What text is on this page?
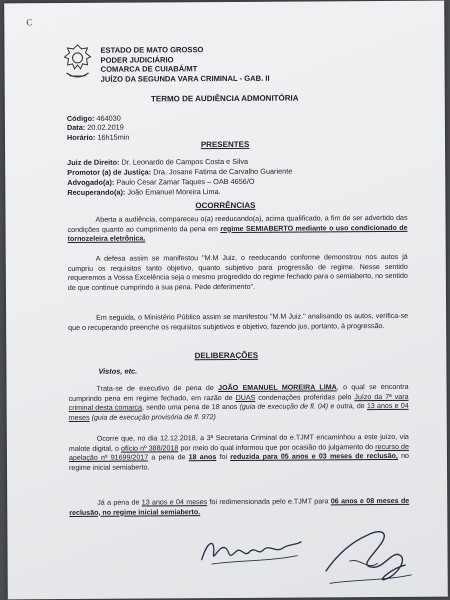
C
ESTADO DE MATO GROSSO
PODER JUDICIÁRIO
COMARCA DE CUIABÁ/MT
JUÍZO DA SEGUNDA VARA CRIMINAL - GAB. II
TERMO DE AUDIÊNCIA ADMONITÓRIA
Código: 464030
Data: 20.02.2019
Horário: 16h15min
PRESENTES
Juiz de Direito: Dr. Leonardo de Campos Costa e Silva
Promotor (a) de Justiça: Dra. Josane Fatima de Carvalho Guariente
Advogado(a): Paulo Cesar Zamar Taques – OAB 4656/O
Recuperando(a): João Emanuel Moreira Lima.
OCORRÊNCIAS
Aberta a audiência, compareceu o(a) reeducando(a), acima qualificado, a fim de ser advertido das condições quanto ao cumprimento da pena em regime SEMIABERTO mediante o uso condicionado de tornozeleira eletrônica.
A defesa assim se manifestou "M.M Juiz, o reeducando conforme demonstrou nos autos já cumpriu os requisitos tanto objetivo, quanto subjetivo para progressão de regime. Nesse sentido requeremos a Vossa Excelência seja o mesmo progredido do regime fechado para o semiaberto, no sentido de que continue cumprindo a sua pena. Pede deferimento".
Em seguida, o Ministério Público assim se manifestou "M.M Juiz." analisando os autos, verifica-se que o recuperando preenche os requisitos subjetivos e objetivo, fazendo jus, portanto, à progressão.
DELIBERAÇÕES
Vistos, etc.
Trata-se de executivo de pena de JOÃO EMANUEL MOREIRA LIMA, o qual se encontra cumprindo pena em regime fechado, em razão de DUAS condenações proferidas pelo Juízo da 7ª vara criminal desta comarca, sendo uma pena de 18 anos (guia de execução de fl. 04) e outra, de 13 anos e 04 meses (guia de execução provisória de fl. 972)
Ocorre que, no dia 12.12.2018, a 3ª Secretaria Criminal do e.TJMT encaminhou a este juízo, via malote digital, o ofício nº 388/2018 por meio do qual informou que por ocasião do julgamento do recurso de apelação nº 91699/2017 a pena de 18 anos foi reduzida para 05 anos e 03 meses de reclusão, no regime inicial semiaberto.
Já a pena de 13 anos e 04 meses foi redimensionada pelo e.TJMT para 06 anos e 08 meses de reclusão, no regime inicial semiaberto.
